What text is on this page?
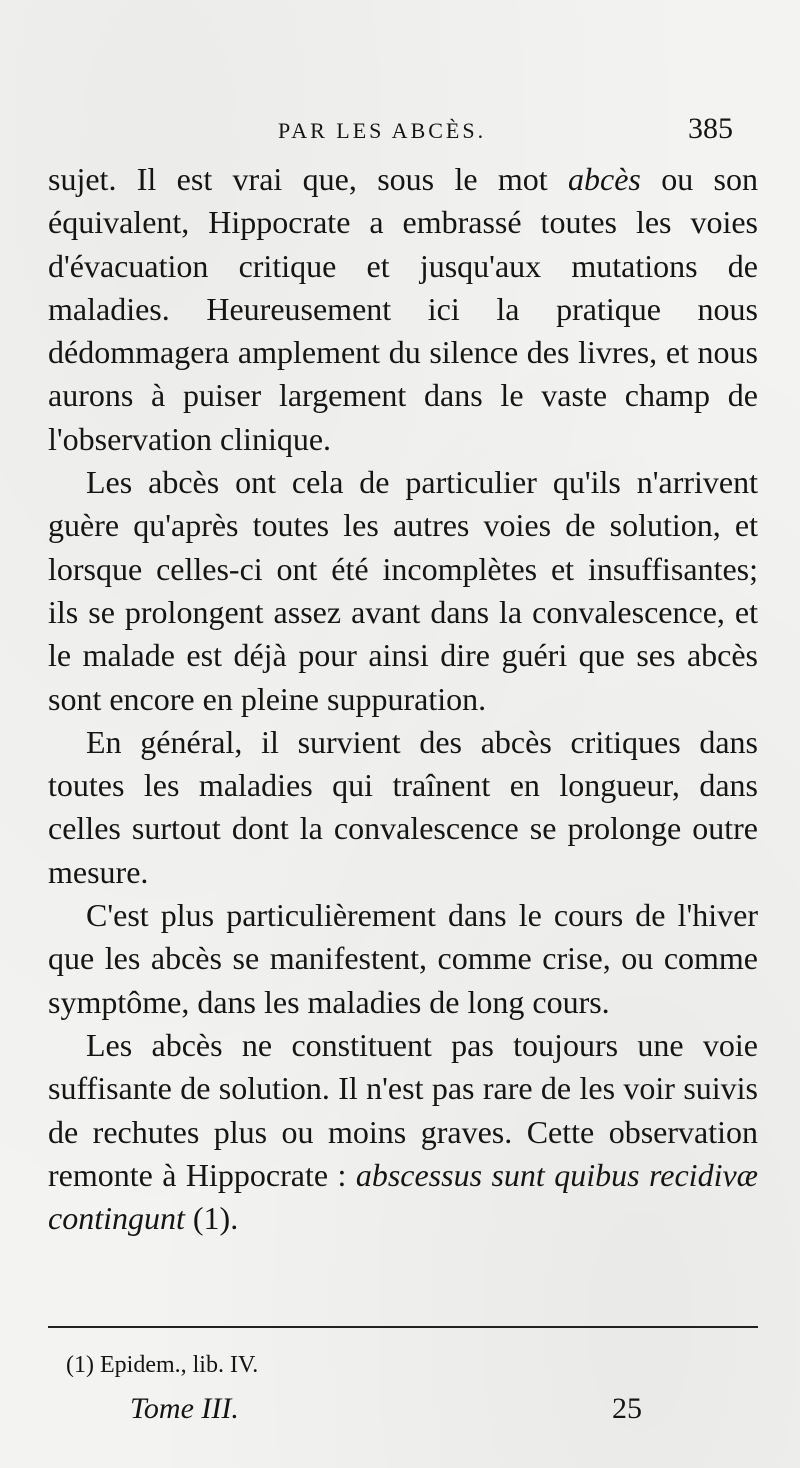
PAR LES ABCÈS.	385

sujet. Il est vrai que, sous le mot abcès ou son équivalent, Hippocrate a embrassé toutes les voies d'évacuation critique et jusqu'aux mutations de maladies. Heureusement ici la pratique nous dédommagera amplement du silence des livres, et nous aurons à puiser largement dans le vaste champ de l'observation clinique.

Les abcès ont cela de particulier qu'ils n'arrivent guère qu'après toutes les autres voies de solution, et lorsque celles-ci ont été incomplètes et insuffisantes; ils se prolongent assez avant dans la convalescence, et le malade est déjà pour ainsi dire guéri que ses abcès sont encore en pleine suppuration.

En général, il survient des abcès critiques dans toutes les maladies qui traînent en longueur, dans celles surtout dont la convalescence se prolonge outre mesure.

C'est plus particulièrement dans le cours de l'hiver que les abcès se manifestent, comme crise, ou comme symptôme, dans les maladies de long cours.

Les abcès ne constituent pas toujours une voie suffisante de solution. Il n'est pas rare de les voir suivis de rechutes plus ou moins graves. Cette observation remonte à Hippocrate : abscessus sunt quibus recidivæ contingunt (1).

(1) Epidem., lib. IV.
Tome III.	25
